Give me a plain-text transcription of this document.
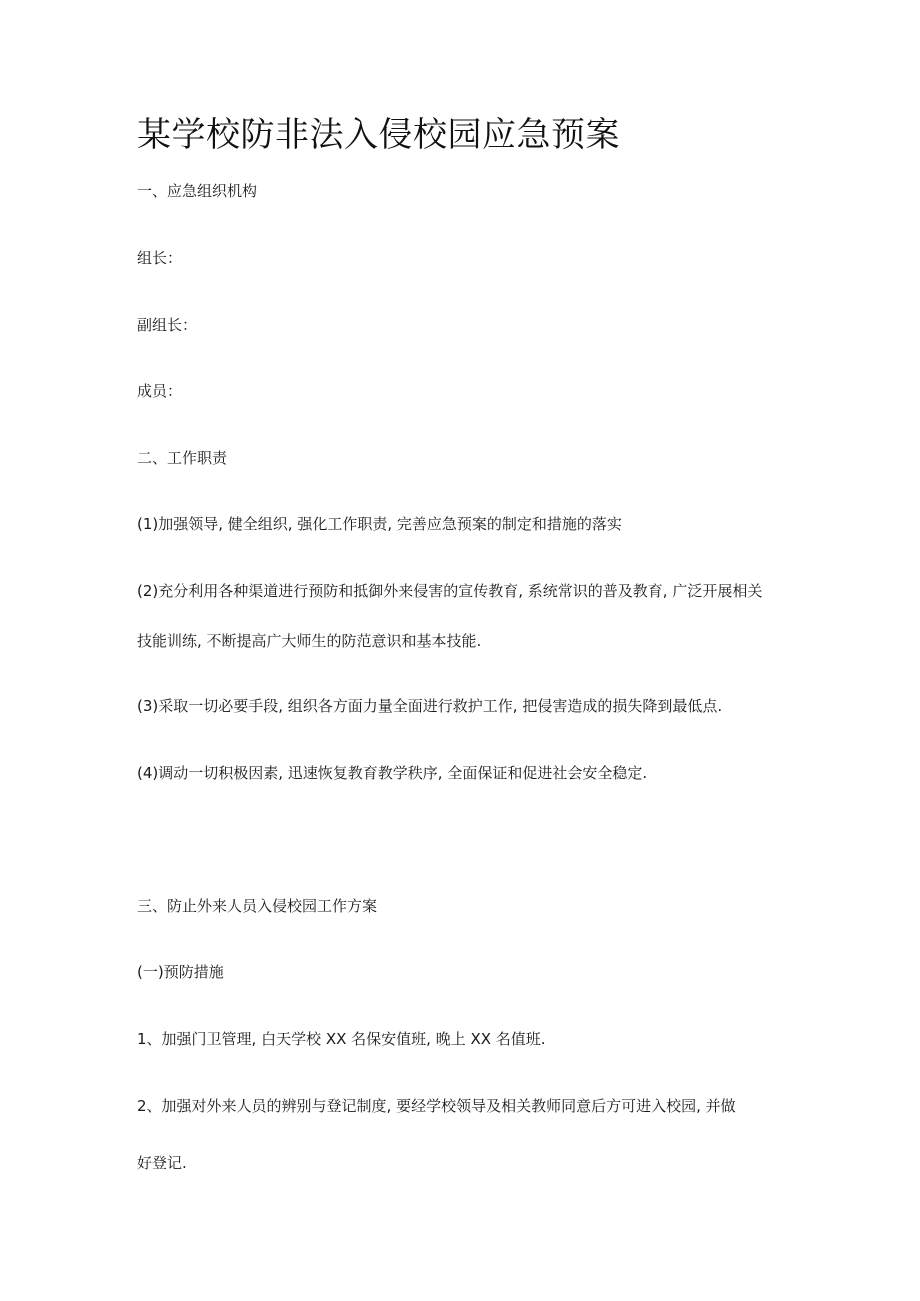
某学校防非法入侵校园应急预案
一、应急组织机构
组长：
副组长：
成员：
二、工作职责
(1)加强领导, 健全组织, 强化工作职责, 完善应急预案的制定和措施的落实
(2)充分利用各种渠道进行预防和抵御外来侵害的宣传教育, 系统常识的普及教育, 广泛开展相关
技能训练, 不断提高广大师生的防范意识和基本技能.
(3)采取一切必要手段, 组织各方面力量全面进行救护工作, 把侵害造成的损失降到最低点.
(4)调动一切积极因素, 迅速恢复教育教学秩序, 全面保证和促进社会安全稳定.
三、防止外来人员入侵校园工作方案
(一)预防措施
1、加强门卫管理, 白天学校 XX 名保安值班, 晚上 XX 名值班.
2、加强对外来人员的辨别与登记制度, 要经学校领导及相关教师同意后方可进入校园, 并做
好登记.
